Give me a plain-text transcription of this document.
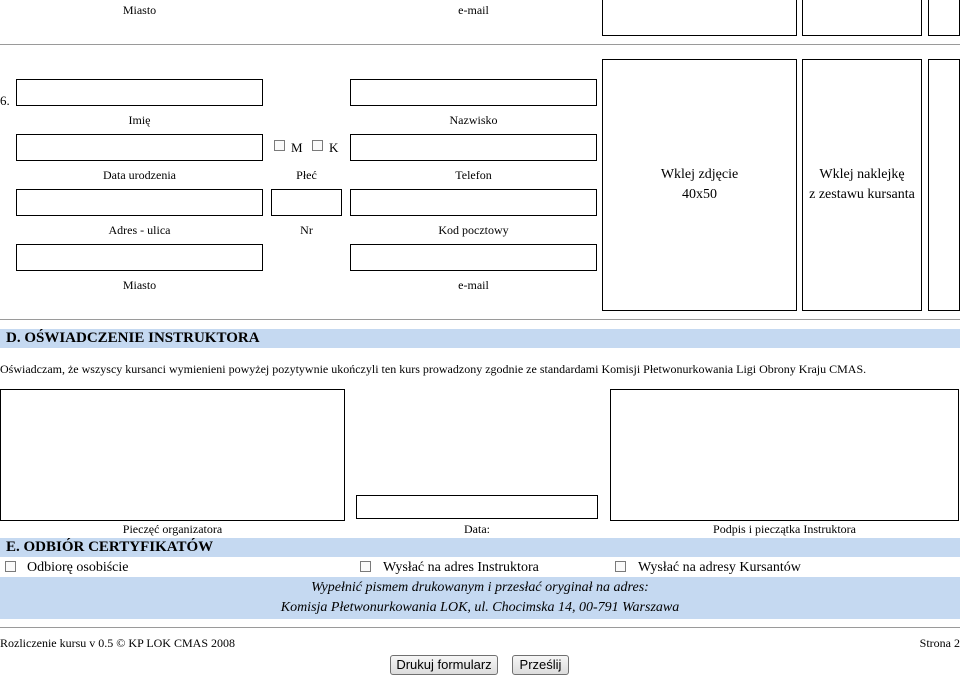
Miasto	e-mail
6.
Imię	Nazwisko
M K
Data urodzenia	Płeć	Telefon
Adres - ulica	Nr	Kod pocztowy
Miasto	e-mail
Wklej zdjęcie
40x50
Wklej naklejkę
z zestawu kursanta
D. OŚWIADCZENIE INSTRUKTORA
Oświadczam, że wszyscy kursanci wymienieni powyżej pozytywnie ukończyli ten kurs prowadzony zgodnie ze standardami Komisji Płetwonurkowania Ligi Obrony Kraju CMAS.
Pieczęć organizatora	Data:	Podpis i pieczątka Instruktora
E. ODBIÓR CERTYFIKATÓW
Odbiorę osobiście	Wysłać na adres Instruktora	Wysłać na adresy Kursantów
Wypełnić pismem drukowanym i przesłać oryginał na adres:
Komisja Płetwonurkowania LOK, ul. Chocimska 14, 00-791 Warszawa
Rozliczenie kursu v 0.5 © KP LOK CMAS 2008	Strona 2
Drukuj formularz	Prześlij
